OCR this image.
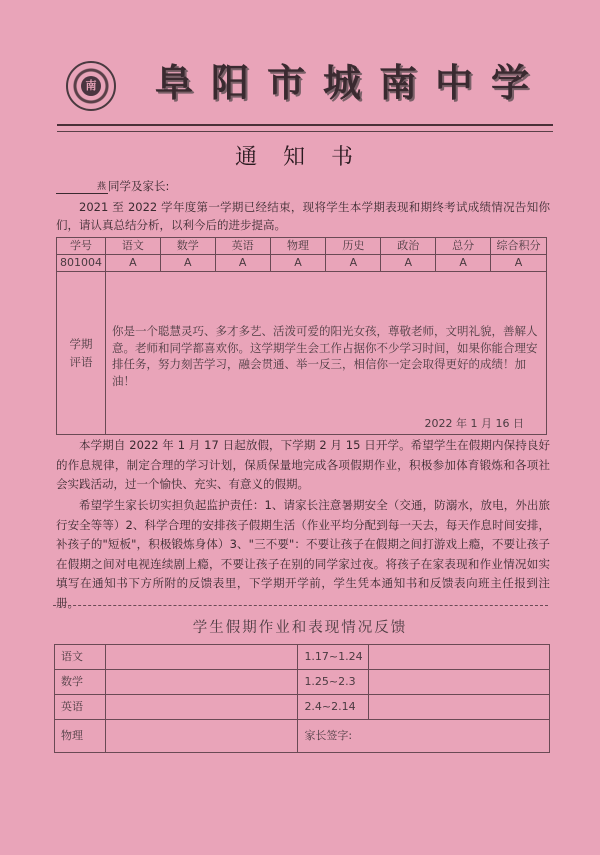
南 阜阳市城南中学
通知书
燕 同学及家长:
2021 至 2022 学年度第一学期已经结束，现将学生本学期表现和期终考试成绩情况告知你们，请认真总结分析，以利今后的进步提高。
学号	语文	数学	英语	物理	历史	政治	总分	综合积分
801004	A	A	A	A	A	A	A	A
学期评语	你是一个聪慧灵巧、多才多艺、活泼可爱的阳光女孩，尊敬老师，文明礼貌，善解人意。老师和同学都喜欢你。这学期学生会工作占据你不少学习时间，如果你能合理安排任务，努力刻苦学习，融会贯通、举一反三，相信你一定会取得更好的成绩！加油！
2022 年 1 月 16 日							
本学期自 2022 年 1 月 17 日起放假，下学期 2 月 15 日开学。希望学生在假期内保持良好的作息规律，制定合理的学习计划，保质保量地完成各项假期作业，积极参加体育锻炼和各项社会实践活动，过一个愉快、充实、有意义的假期。
希望学生家长切实担负起监护责任：1、请家长注意暑期安全（交通，防溺水，放电，外出旅行安全等等）2、科学合理的安排孩子假期生活（作业平均分配到每一天去，每天作息时间安排，补孩子的"短板"，积极锻炼身体）3、"三不要"：不要让孩子在假期之间打游戏上瘾，不要让孩子在假期之间对电视连续剧上瘾，不要让孩子在别的同学家过夜。将孩子在家表现和作业情况如实填写在通知书下方所附的反馈表里，下学期开学前，学生凭本通知书和反馈表向班主任报到注册。
学生假期作业和表现情况反馈
语文		1.17~1.24	
数学		1.25~2.3	
英语		2.4~2.14	
物理		家长签字:	
